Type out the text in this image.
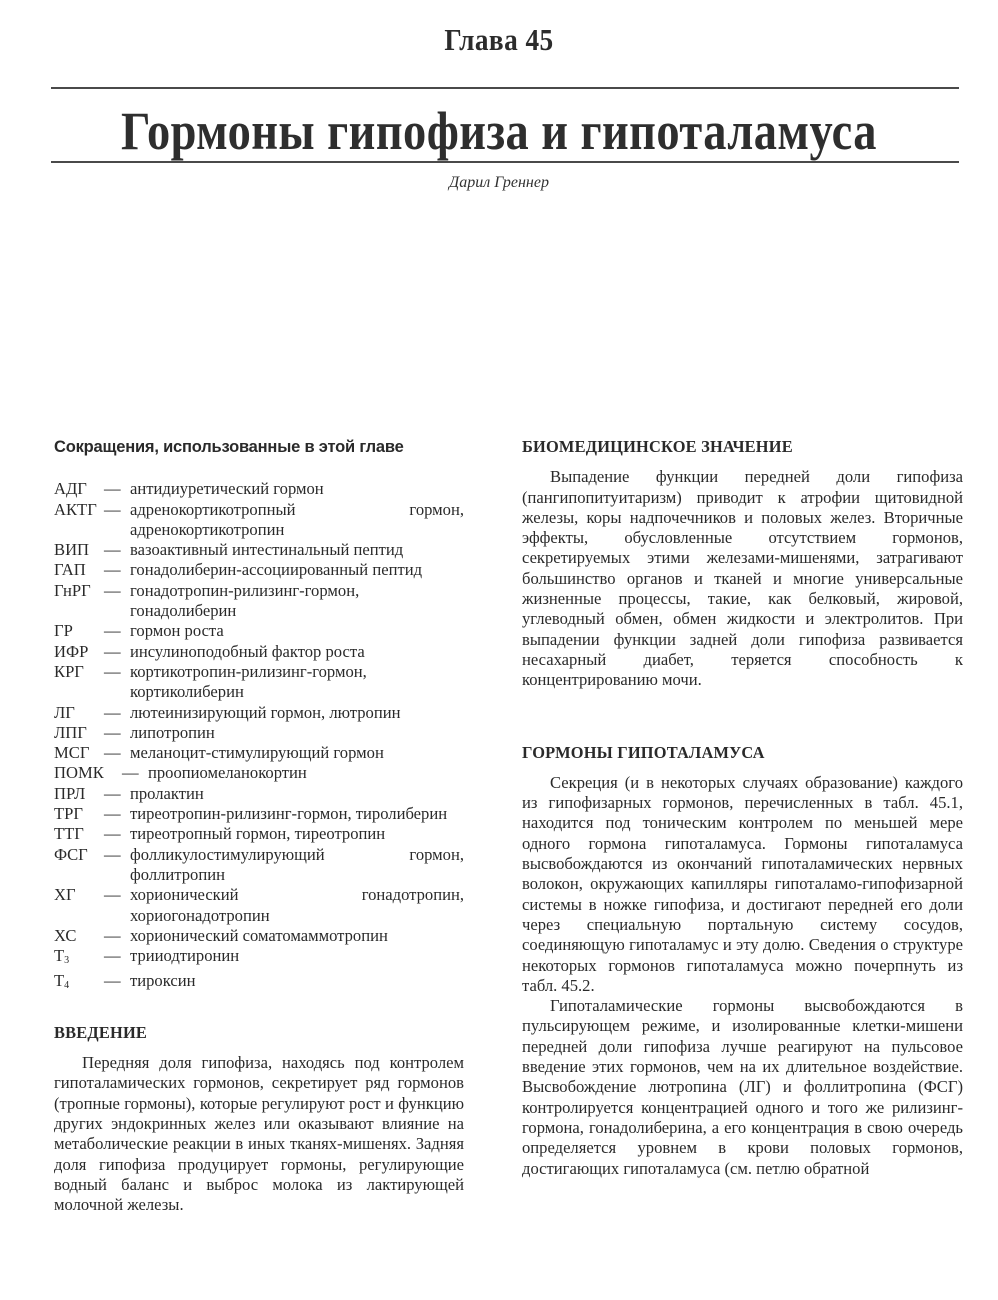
Глава 45
Гормоны гипофиза и гипоталамуса
Дарил Греннер
Сокращения, использованные в этой главе
АДГ	— антидиуретический гормон
АКТГ — адренокортикотропный гормон, адренокортикотропин
ВИП — вазоактивный интестинальный пептид
ГАП	— гонадолиберин-ассоциированный пептид
ГнРГ — гонадотропин-рилизинг-гормон, гонадолиберин
ГР	— гормон роста
ИФР — инсулиноподобный фактор роста
КРГ	— кортикотропин-рилизинг-гормон, кортиколиберин
ЛГ	— лютеинизирующий гормон, лютропин
ЛПГ	— липотропин
МСГ — меланоцит-стимулирующий гормон
ПОМК	— проопиомеланокортин
ПРЛ	— пролактин
ТРГ	— тиреотропин-рилизинг-гормон, тиролиберин
ТТГ	— тиреотропный гормон, тиреотропин
ФСГ — фолликулостимулирующий гормон, фоллитропин
ХГ	— хорионический гонадотропин, хориогонадотропин
ХС	— хорионический соматомаммотропин
$T_3$	— трииодтиронин
$T_4$	— тироксин
ВВЕДЕНИЕ

Передняя доля гипофиза, находясь под контролем гипоталамических гормонов, секретирует ряд гормонов (тропные гормоны), которые регулируют рост и функцию других эндокринных желез или оказывают влияние на метаболические реакции в иных тканях-мишенях. Задняя доля гипофиза продуцирует гормоны, регулирующие водный баланс и выброс молока из лактирующей молочной железы.

БИОМЕДИЦИНСКОЕ ЗНАЧЕНИЕ

Выпадение функции передней доли гипофиза (пангипопитуитаризм) приводит к атрофии щитовидной железы, коры надпочечников и половых желез. Вторичные эффекты, обусловленные отсутствием гормонов, секретируемых этими железами-мишенями, затрагивают большинство органов и тканей и многие универсальные жизненные процессы, такие, как белковый, жировой, углеводный обмен, обмен жидкости и электролитов. При выпадении функции задней доли гипофиза развивается несахарный диабет, теряется способность к концентрированию мочи.

ГОРМОНЫ ГИПОТАЛАМУСА

Секреция (и в некоторых случаях образование) каждого из гипофизарных гормонов, перечисленных в табл. 45.1, находится под тоническим контролем по меньшей мере одного гормона гипоталамуса. Гормоны гипоталамуса высвобождаются из окончаний гипоталамических нервных волокон, окружающих капилляры гипоталамо-гипофизарной системы в ножке гипофиза, и достигают передней его доли через специальную портальную систему сосудов, соединяющую гипоталамус и эту долю. Сведения о структуре некоторых гормонов гипоталамуса можно почерпнуть из табл. 45.2.

Гипоталамические гормоны высвобождаются в пульсирующем режиме, и изолированные клетки-мишени передней доли гипофиза лучше реагируют на пульсовое введение этих гормонов, чем на их длительное воздействие. Высвобождение лютропина (ЛГ) и фоллитропина (ФСГ) контролируется концентрацией одного и того же рилизинг-гормона, гонадолиберина, а его концентрация в свою очередь определяется уровнем в крови половых гормонов, достигающих гипоталамуса (см. петлю обратной
